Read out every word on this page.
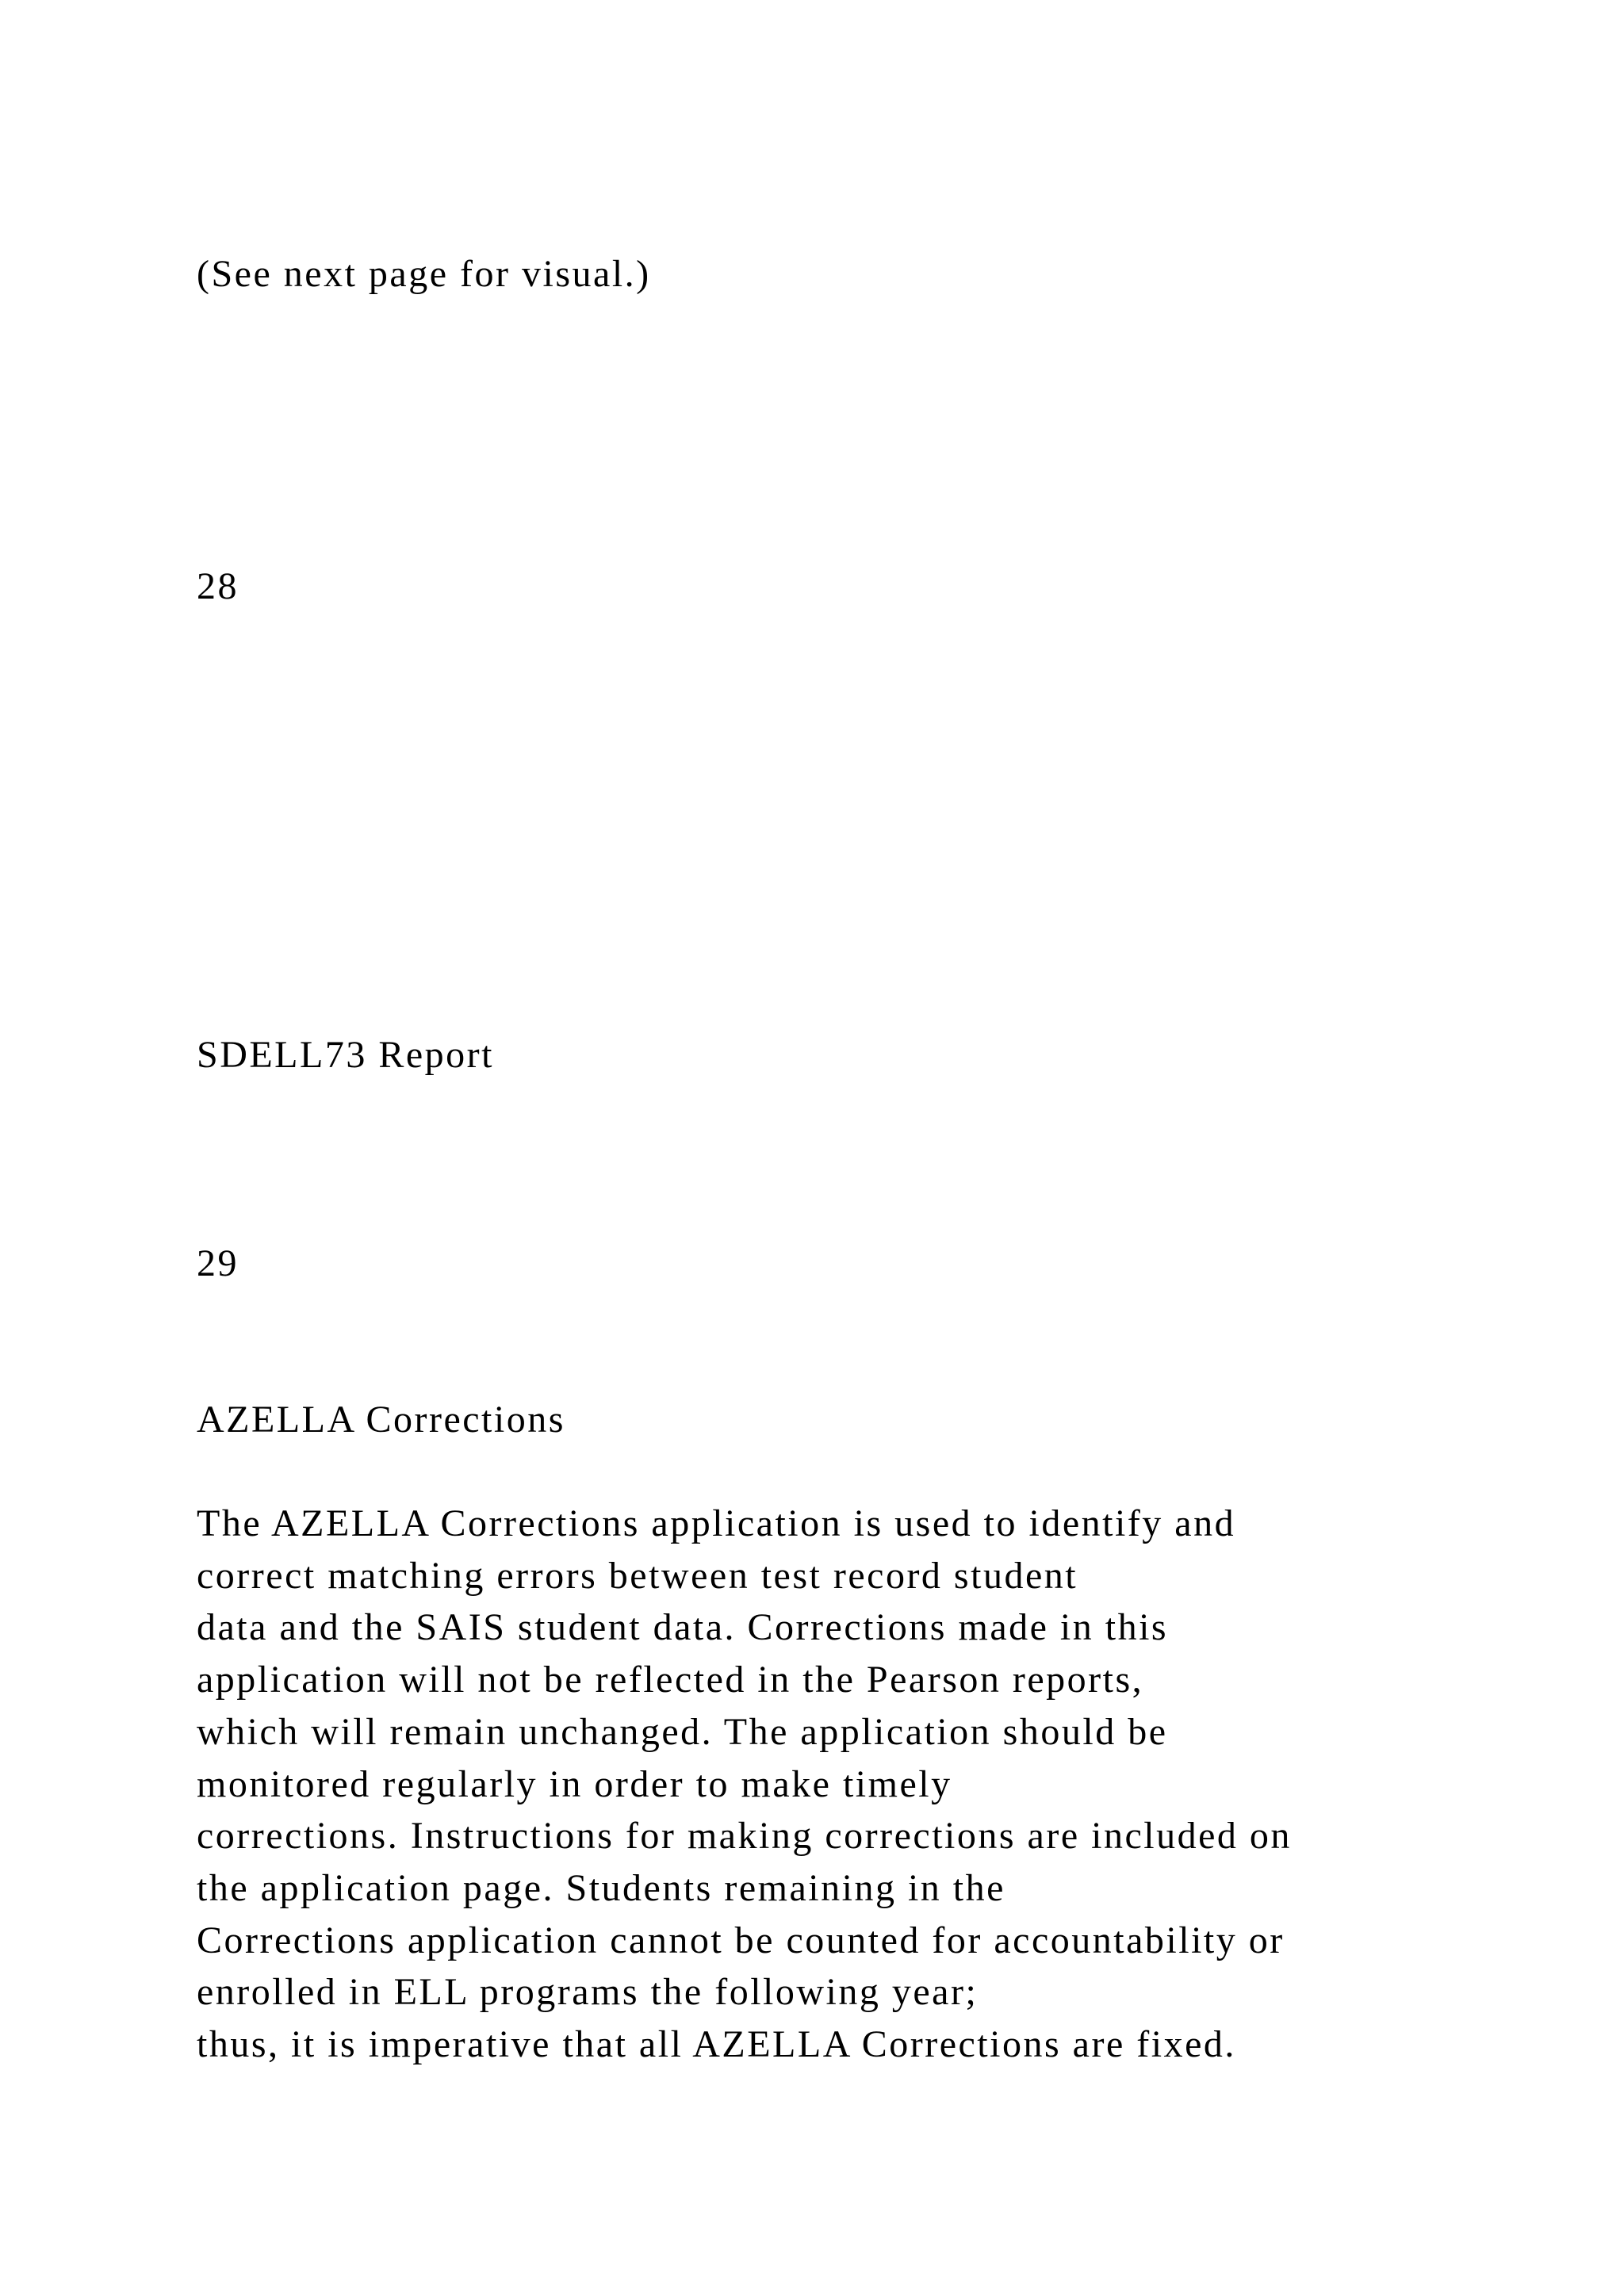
(See next page for visual.)

28

SDELL73 Report

29

AZELLA Corrections

The AZELLA Corrections application is used to identify and
correct matching errors between test record student
data and the SAIS student data. Corrections made in this
application will not be reflected in the Pearson reports,
which will remain unchanged. The application should be
monitored regularly in order to make timely
corrections. Instructions for making corrections are included on
the application page. Students remaining in the
Corrections application cannot be counted for accountability or
enrolled in ELL programs the following year;
thus, it is imperative that all AZELLA Corrections are fixed.
